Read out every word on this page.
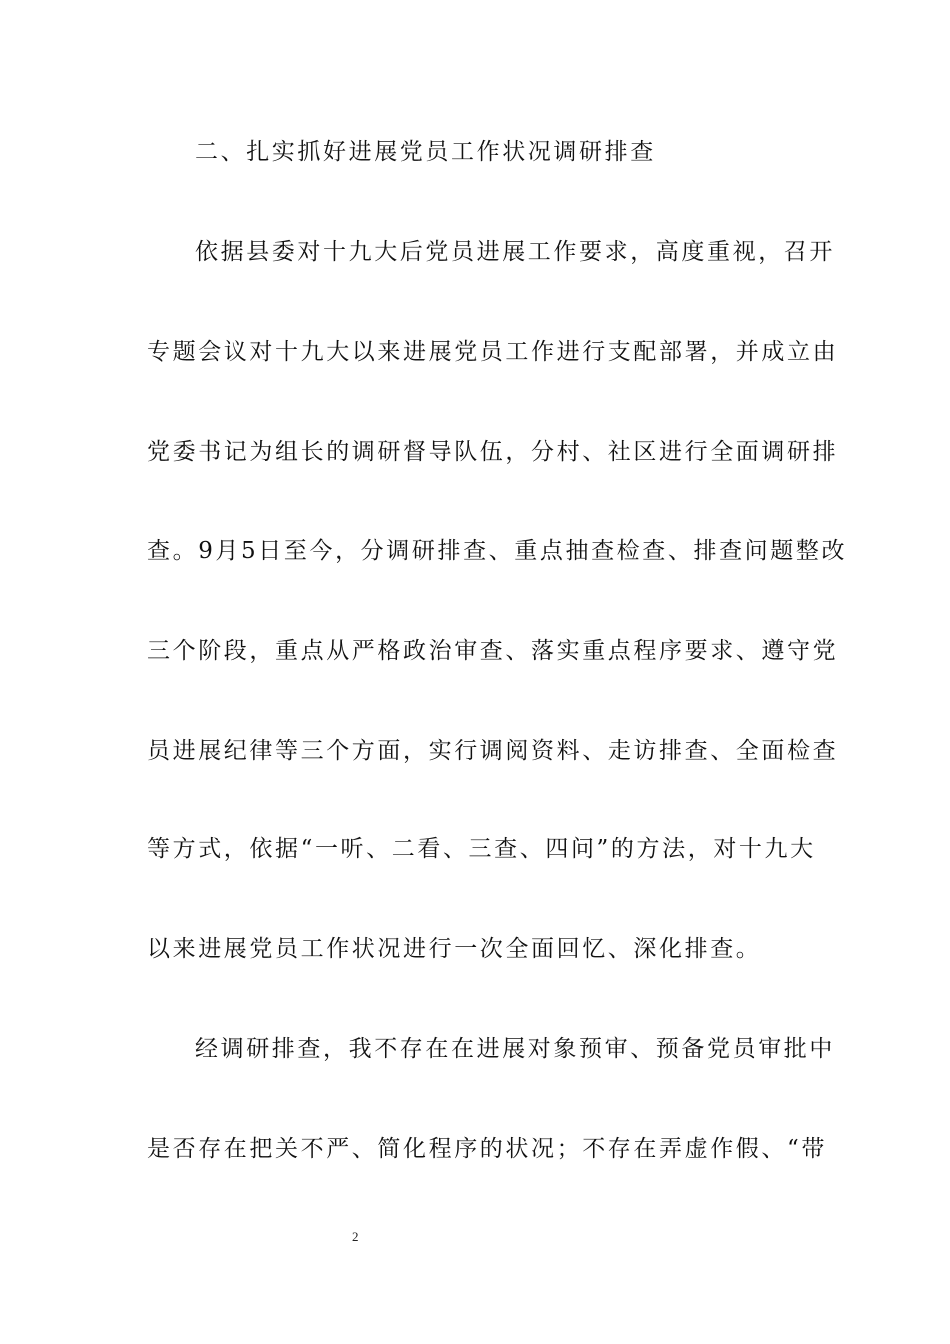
二、扎实抓好进展党员工作状况调研排查
依据县委对十九大后党员进展工作要求，高度重视，召开
专题会议对十九大以来进展党员工作进行支配部署，并成立由
党委书记为组长的调研督导队伍，分村、社区进行全面调研排
查。9月5日至今，分调研排查、重点抽查检查、排查问题整改
三个阶段，重点从严格政治审查、落实重点程序要求、遵守党
员进展纪律等三个方面，实行调阅资料、走访排查、全面检查
等方式，依据“一听、二看、三查、四问”的方法，对十九大
以来进展党员工作状况进行一次全面回忆、深化排查。
经调研排查，我不存在在进展对象预审、预备党员审批中
是否存在把关不严、简化程序的状况；不存在弄虚作假、“带
2
